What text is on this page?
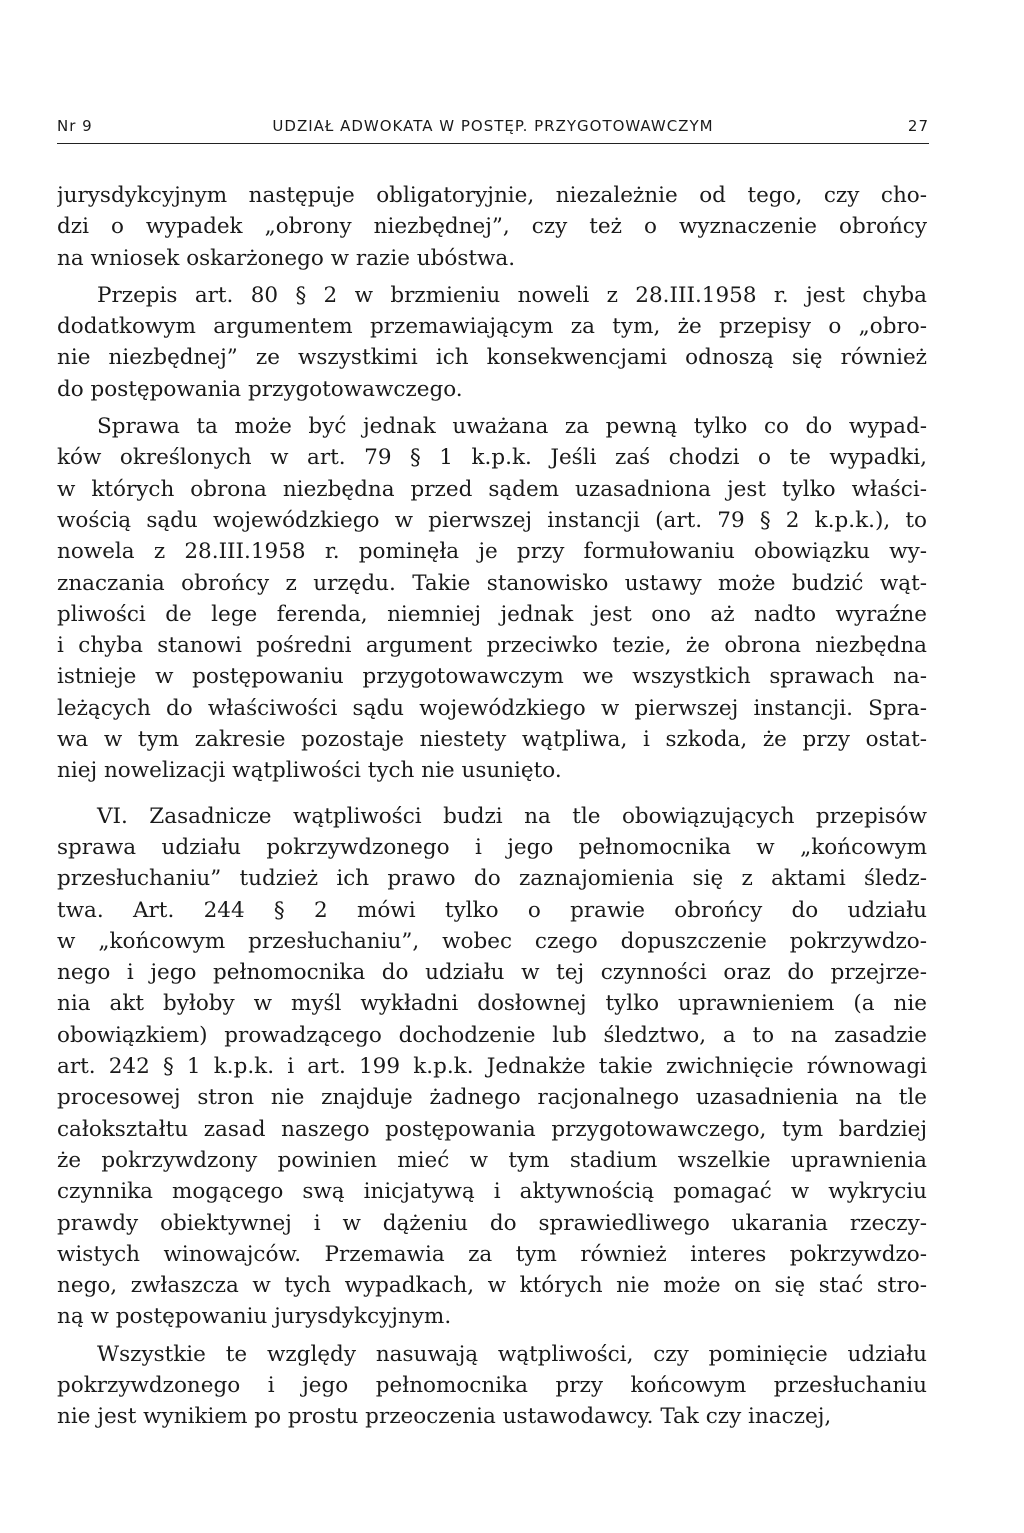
Nr 9	UDZIAŁ ADWOKATA W POSTĘP. PRZYGOTOWAWCZYM	27
jurysdykcyjnym następuje obligatoryjnie, niezależnie od tego, czy cho-
dzi o wypadek „obrony niezbędnej”, czy też o wyznaczenie obrońcy
na wniosek oskarżonego w razie ubóstwa.
Przepis art. 80 § 2 w brzmieniu noweli z 28.III.1958 r. jest chyba
dodatkowym argumentem przemawiającym za tym, że przepisy o „obro-
nie niezbędnej” ze wszystkimi ich konsekwencjami odnoszą się również
do postępowania przygotowawczego.
Sprawa ta może być jednak uważana za pewną tylko co do wypad-
ków określonych w art. 79 § 1 k.p.k. Jeśli zaś chodzi o te wypadki,
w których obrona niezbędna przed sądem uzasadniona jest tylko właści-
wością sądu wojewódzkiego w pierwszej instancji (art. 79 § 2 k.p.k.), to
nowela z 28.III.1958 r. pominęła je przy formułowaniu obowiązku wy-
znaczania obrońcy z urzędu. Takie stanowisko ustawy może budzić wąt-
pliwości de lege ferenda, niemniej jednak jest ono aż nadto wyraźne
i chyba stanowi pośredni argument przeciwko tezie, że obrona niezbędna
istnieje w postępowaniu przygotowawczym we wszystkich sprawach na-
leżących do właściwości sądu wojewódzkiego w pierwszej instancji. Spra-
wa w tym zakresie pozostaje niestety wątpliwa, i szkoda, że przy ostat-
niej nowelizacji wątpliwości tych nie usunięto.
VI. Zasadnicze wątpliwości budzi na tle obowiązujących przepisów
sprawa udziału pokrzywdzonego i jego pełnomocnika w „końcowym
przesłuchaniu” tudzież ich prawo do zaznajomienia się z aktami śledz-
twa. Art. 244 § 2 mówi tylko o prawie obrońcy do udziału
w „końcowym przesłuchaniu”, wobec czego dopuszczenie pokrzywdzo-
nego i jego pełnomocnika do udziału w tej czynności oraz do przejrze-
nia akt byłoby w myśl wykładni dosłownej tylko uprawnieniem (a nie
obowiązkiem) prowadzącego dochodzenie lub śledztwo, a to na zasadzie
art. 242 § 1 k.p.k. i art. 199 k.p.k. Jednakże takie zwichnięcie równowagi
procesowej stron nie znajduje żadnego racjonalnego uzasadnienia na tle
całokształtu zasad naszego postępowania przygotowawczego, tym bardziej
że pokrzywdzony powinien mieć w tym stadium wszelkie uprawnienia
czynnika mogącego swą inicjatywą i aktywnością pomagać w wykryciu
prawdy obiektywnej i w dążeniu do sprawiedliwego ukarania rzeczy-
wistych winowajców. Przemawia za tym również interes pokrzywdzo-
nego, zwłaszcza w tych wypadkach, w których nie może on się stać stro-
ną w postępowaniu jurysdykcyjnym.
Wszystkie te względy nasuwają wątpliwości, czy pominięcie udziału
pokrzywdzonego i jego pełnomocnika przy końcowym przesłuchaniu
nie jest wynikiem po prostu przeoczenia ustawodawcy. Tak czy inaczej,
